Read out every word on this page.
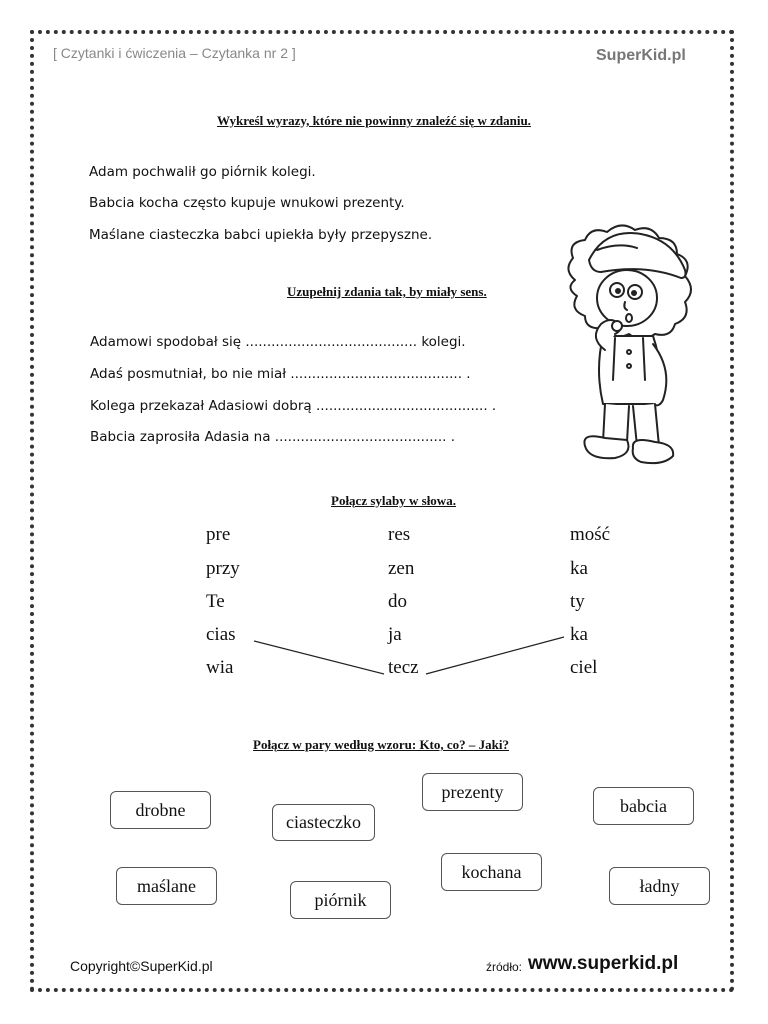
[ Czytanki i ćwiczenia – Czytanka nr 2 ]	SuperKid.pl
Wykreśl wyrazy, które nie powinny znaleźć się w zdaniu.
Adam pochwalił go piórnik kolegi.
Babcia kocha często kupuje wnukowi prezenty.
Maślane ciasteczka babci upiekła były przepyszne.
Uzupełnij zdania tak, by miały sens.
Adamowi spodobał się ........................................ kolegi.
Adaś posmutniał, bo nie miał ........................................ .
Kolega przekazał Adasiowi dobrą ........................................ .
Babcia zaprosiła Adasia na ........................................ .
Połącz sylaby w słowa.
pre
przy
Te
cias
wia
res
zen
do
ja
tecz
mość
ka
ty
ka
ciel
Połącz w pary według wzoru: Kto, co? – Jaki?
drobne
ciasteczko
prezenty
babcia
maślane
piórnik
kochana
ładny
Copyright©SuperKid.pl	źródło: www.superkid.pl
